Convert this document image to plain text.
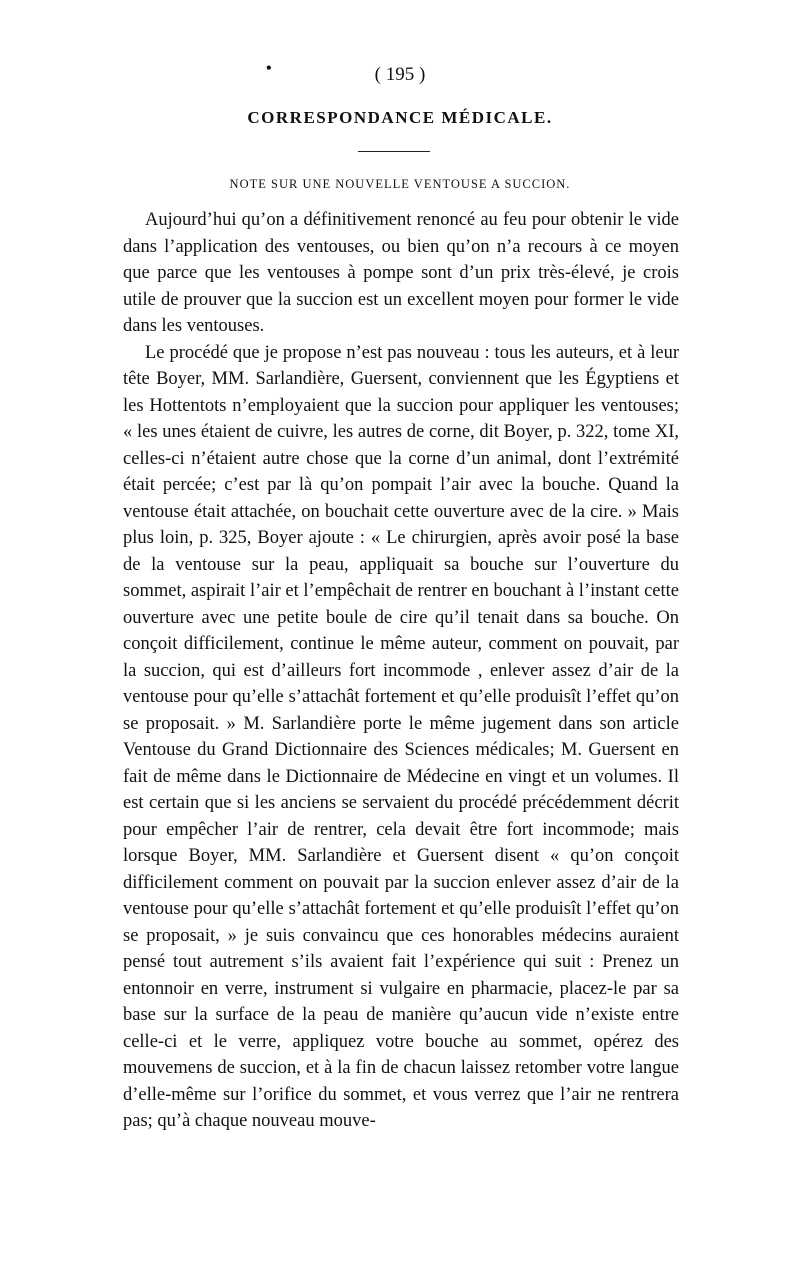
•	( 195 )
CORRESPONDANCE MÉDICALE.
NOTE SUR UNE NOUVELLE VENTOUSE A SUCCION.

Aujourd’hui qu’on a définitivement renoncé au feu pour obtenir le vide dans l’application des ventouses, ou bien qu’on n’a recours à ce moyen que parce que les ventouses à pompe sont d’un prix très-élevé, je crois utile de prouver que la succion est un excellent moyen pour former le vide dans les ventouses.

Le procédé que je propose n’est pas nouveau : tous les auteurs, et à leur tête Boyer, MM. Sarlandière, Guersent, conviennent que les Égyptiens et les Hottentots n’employaient que la succion pour appliquer les ventouses; « les unes étaient de cuivre, les autres de corne, dit Boyer, p. 322, tome XI, celles-ci n’étaient autre chose que la corne d’un animal, dont l’extrémité était percée; c’est par là qu’on pompait l’air avec la bouche. Quand la ventouse était attachée, on bouchait cette ouverture avec de la cire. » Mais plus loin, p. 325, Boyer ajoute : « Le chirurgien, après avoir posé la base de la ventouse sur la peau, appliquait sa bouche sur l’ouverture du sommet, aspirait l’air et l’empêchait de rentrer en bouchant à l’instant cette ouverture avec une petite boule de cire qu’il tenait dans sa bouche. On conçoit difficilement, continue le même auteur, comment on pouvait, par la succion, qui est d’ailleurs fort incommode , enlever assez d’air de la ventouse pour qu’elle s’attachât fortement et qu’elle produisît l’effet qu’on se proposait. » M. Sarlandière porte le même jugement dans son article Ventouse du Grand Dictionnaire des Sciences médicales; M. Guersent en fait de même dans le Dictionnaire de Médecine en vingt et un volumes. Il est certain que si les anciens se servaient du procédé précédemment décrit pour empêcher l’air de rentrer, cela devait être fort incommode; mais lorsque Boyer, MM. Sarlandière et Guersent disent « qu’on conçoit difficilement comment on pouvait par la succion enlever assez d’air de la ventouse pour qu’elle s’attachât fortement et qu’elle produisît l’effet qu’on se proposait, » je suis convaincu que ces honorables médecins auraient pensé tout autrement s’ils avaient fait l’expérience qui suit : Prenez un entonnoir en verre, instrument si vulgaire en pharmacie, placez-le par sa base sur la surface de la peau de manière qu’aucun vide n’existe entre celle-ci et le verre, appliquez votre bouche au sommet, opérez des mouvemens de succion, et à la fin de chacun laissez retomber votre langue d’elle-même sur l’orifice du sommet, et vous verrez que l’air ne rentrera pas; qu’à chaque nouveau mouve-
